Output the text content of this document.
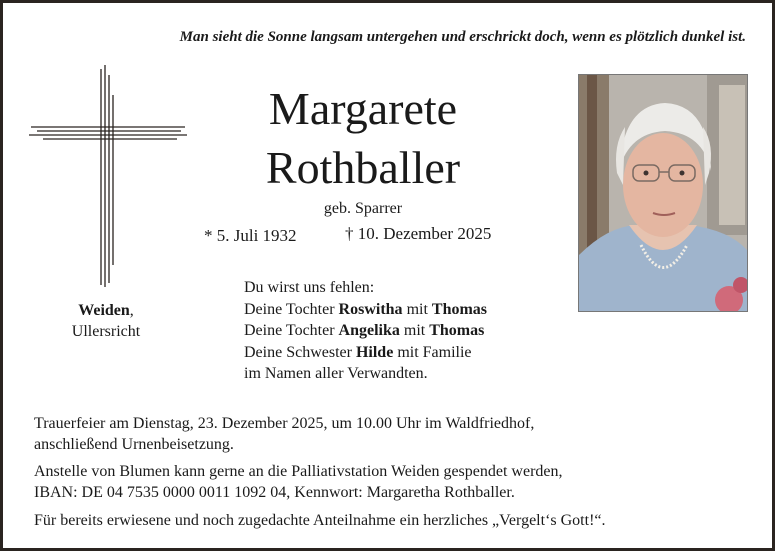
Man sieht die Sonne langsam untergehen und erschrickt doch, wenn es plötzlich dunkel ist.
Weiden,
Ullersricht
Margarete
Rothballer
geb. Sparrer
* 5. Juli 1932	† 10. Dezember 2025
Du wirst uns fehlen:
Deine Tochter Roswitha mit Thomas
Deine Tochter Angelika mit Thomas
Deine Schwester Hilde mit Familie
im Namen aller Verwandten.

Trauerfeier am Dienstag, 23. Dezember 2025, um 10.00 Uhr im Waldfriedhof,
anschließend Urnenbeisetzung.

Anstelle von Blumen kann gerne an die Palliativstation Weiden gespendet werden,
IBAN: DE 04 7535 0000 0011 1092 04, Kennwort: Margaretha Rothballer.

Für bereits erwiesene und noch zugedachte Anteilnahme ein herzliches „Vergelt‘s Gott!“.
